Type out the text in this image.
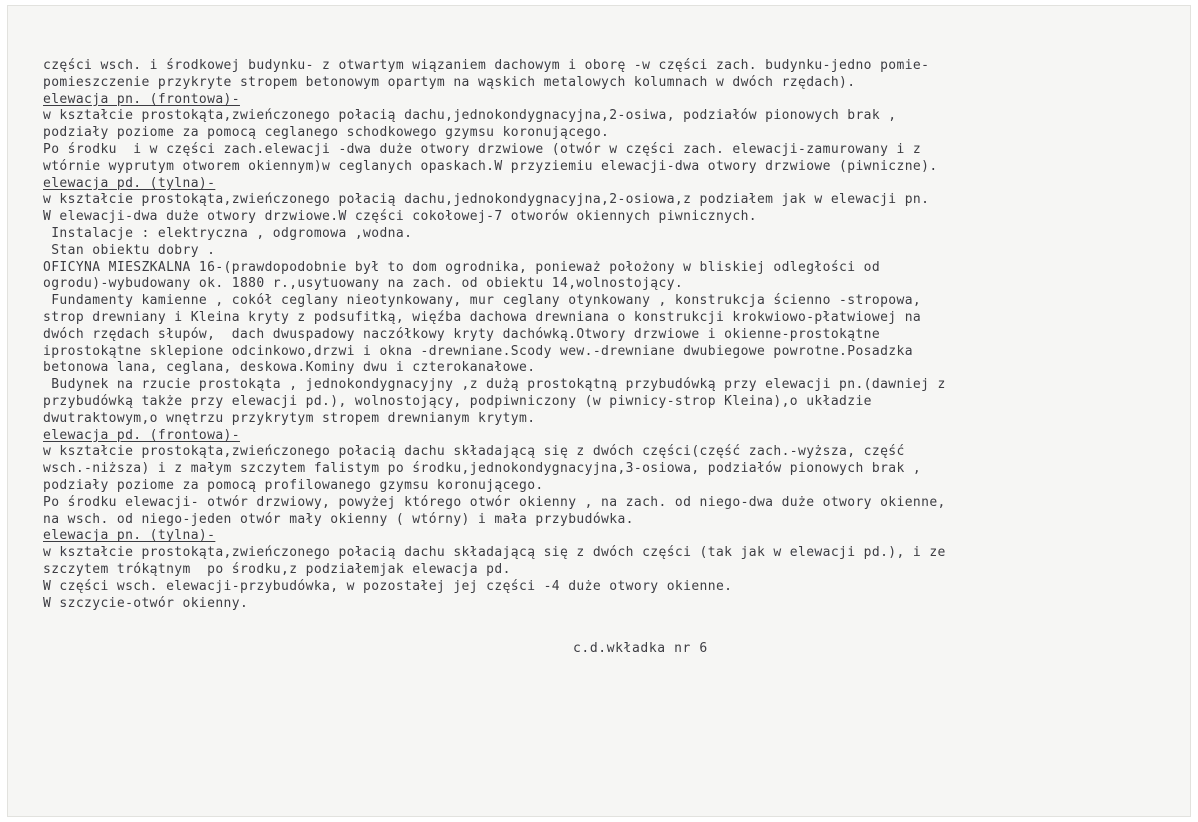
części wsch. i środkowej budynku- z otwartym wiązaniem dachowym i oborę -w części zach. budynku-jedno pomie-
pomieszczenie przykryte stropem betonowym opartym na wąskich metalowych kolumnach w dwóch rzędach).
elewacja pn. (frontowa)-
w kształcie prostokąta,zwieńczonego połacią dachu,jednokondygnacyjna,2-osiwa, podziałów pionowych brak ,
podziały poziome za pomocą ceglanego schodkowego gzymsu koronującego.
Po środku  i w części zach.elewacji -dwa duże otwory drzwiowe (otwór w części zach. elewacji-zamurowany i z
wtórnie wyprutym otworem okiennym)w ceglanych opaskach.W przyziemiu elewacji-dwa otwory drzwiowe (piwniczne).
elewacja pd. (tylna)-
w kształcie prostokąta,zwieńczonego połacią dachu,jednokondygnacyjna,2-osiowa,z podziałem jak w elewacji pn.
W elewacji-dwa duże otwory drzwiowe.W części cokołowej-7 otworów okiennych piwnicznych.
Instalacje : elektryczna , odgromowa ,wodna.
Stan obiektu dobry .
OFICYNA MIESZKALNA 16-(prawdopodobnie był to dom ogrodnika, ponieważ położony w bliskiej odległości od
ogrodu)-wybudowany ok. 1880 r.,usytuowany na zach. od obiektu 14,wolnostojący.
Fundamenty kamienne , cokół ceglany nieotynkowany, mur ceglany otynkowany , konstrukcja ścienno -stropowa,
strop drewniany i Kleina kryty z podsufitką, więźba dachowa drewniana o konstrukcji krokwiowo-płatwiowej na
dwóch rzędach słupów,  dach dwuspadowy naczółkowy kryty dachówką.Otwory drzwiowe i okienne-prostokątne
iprostokątne sklepione odcinkowo,drzwi i okna -drewniane.Scody wew.-drewniane dwubiegowe powrotne.Posadzka
betonowa lana, ceglana, deskowa.Kominy dwu i czterokanałowe.
Budynek na rzucie prostokąta , jednokondygnacyjny ,z dużą prostokątną przybudówką przy elewacji pn.(dawniej z
przybudówką także przy elewacji pd.), wolnostojący, podpiwniczony (w piwnicy-strop Kleina),o układzie
dwutraktowym,o wnętrzu przykrytym stropem drewnianym krytym.
elewacja pd. (frontowa)-
w kształcie prostokąta,zwieńczonego połacią dachu składającą się z dwóch części(część zach.-wyższa, część
wsch.-niższa) i z małym szczytem falistym po środku,jednokondygnacyjna,3-osiowa, podziałów pionowych brak ,
podziały poziome za pomocą profilowanego gzymsu koronującego.
Po środku elewacji- otwór drzwiowy, powyżej którego otwór okienny , na zach. od niego-dwa duże otwory okienne,
na wsch. od niego-jeden otwór mały okienny ( wtórny) i mała przybudówka.
elewacja pn. (tylna)-
w kształcie prostokąta,zwieńczonego połacią dachu składającą się z dwóch części (tak jak w elewacji pd.), i ze
szczytem trókątnym  po środku,z podziałemjak elewacja pd.
W części wsch. elewacji-przybudówka, w pozostałej jej części -4 duże otwory okienne.
W szczycie-otwór okienny.
c.d.wkładka nr 6
